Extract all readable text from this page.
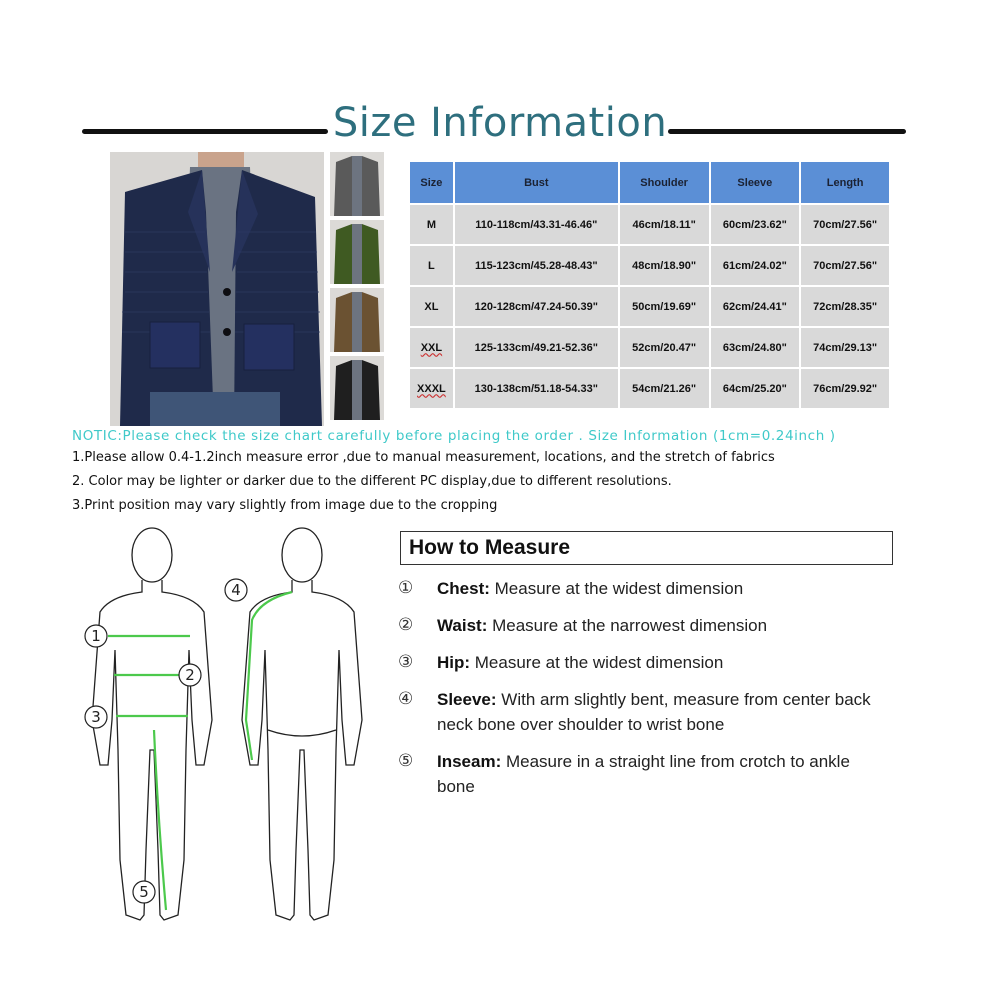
Size Information
Size	Bust	Shoulder	Sleeve	Length
M	110-118cm/43.31-46.46"	46cm/18.11"	60cm/23.62"	70cm/27.56"
L	115-123cm/45.28-48.43"	48cm/18.90"	61cm/24.02"	70cm/27.56"
XL	120-128cm/47.24-50.39"	50cm/19.69"	62cm/24.41"	72cm/28.35"
XXL	125-133cm/49.21-52.36"	52cm/20.47"	63cm/24.80"	74cm/29.13"
XXXL	130-138cm/51.18-54.33"	54cm/21.26"	64cm/25.20"	76cm/29.92"
NOTIC:Please check the size chart carefully before placing the order . Size Information (1cm=0.24inch )
1.Please allow 0.4-1.2inch measure error ,due to manual measurement, locations, and the stretch of fabrics
2. Color may be lighter or darker due to the different PC display,due to different resolutions.
3.Print position may vary slightly from image due to the cropping
1
2
3
4
5
How to Measure
①	Chest: Measure at the widest dimension
②	Waist: Measure at the narrowest dimension
③	Hip: Measure at the widest dimension
④	Sleeve: With arm slightly bent, measure from center back neck bone over shoulder to wrist bone
⑤	Inseam: Measure in a straight line from crotch to ankle bone
